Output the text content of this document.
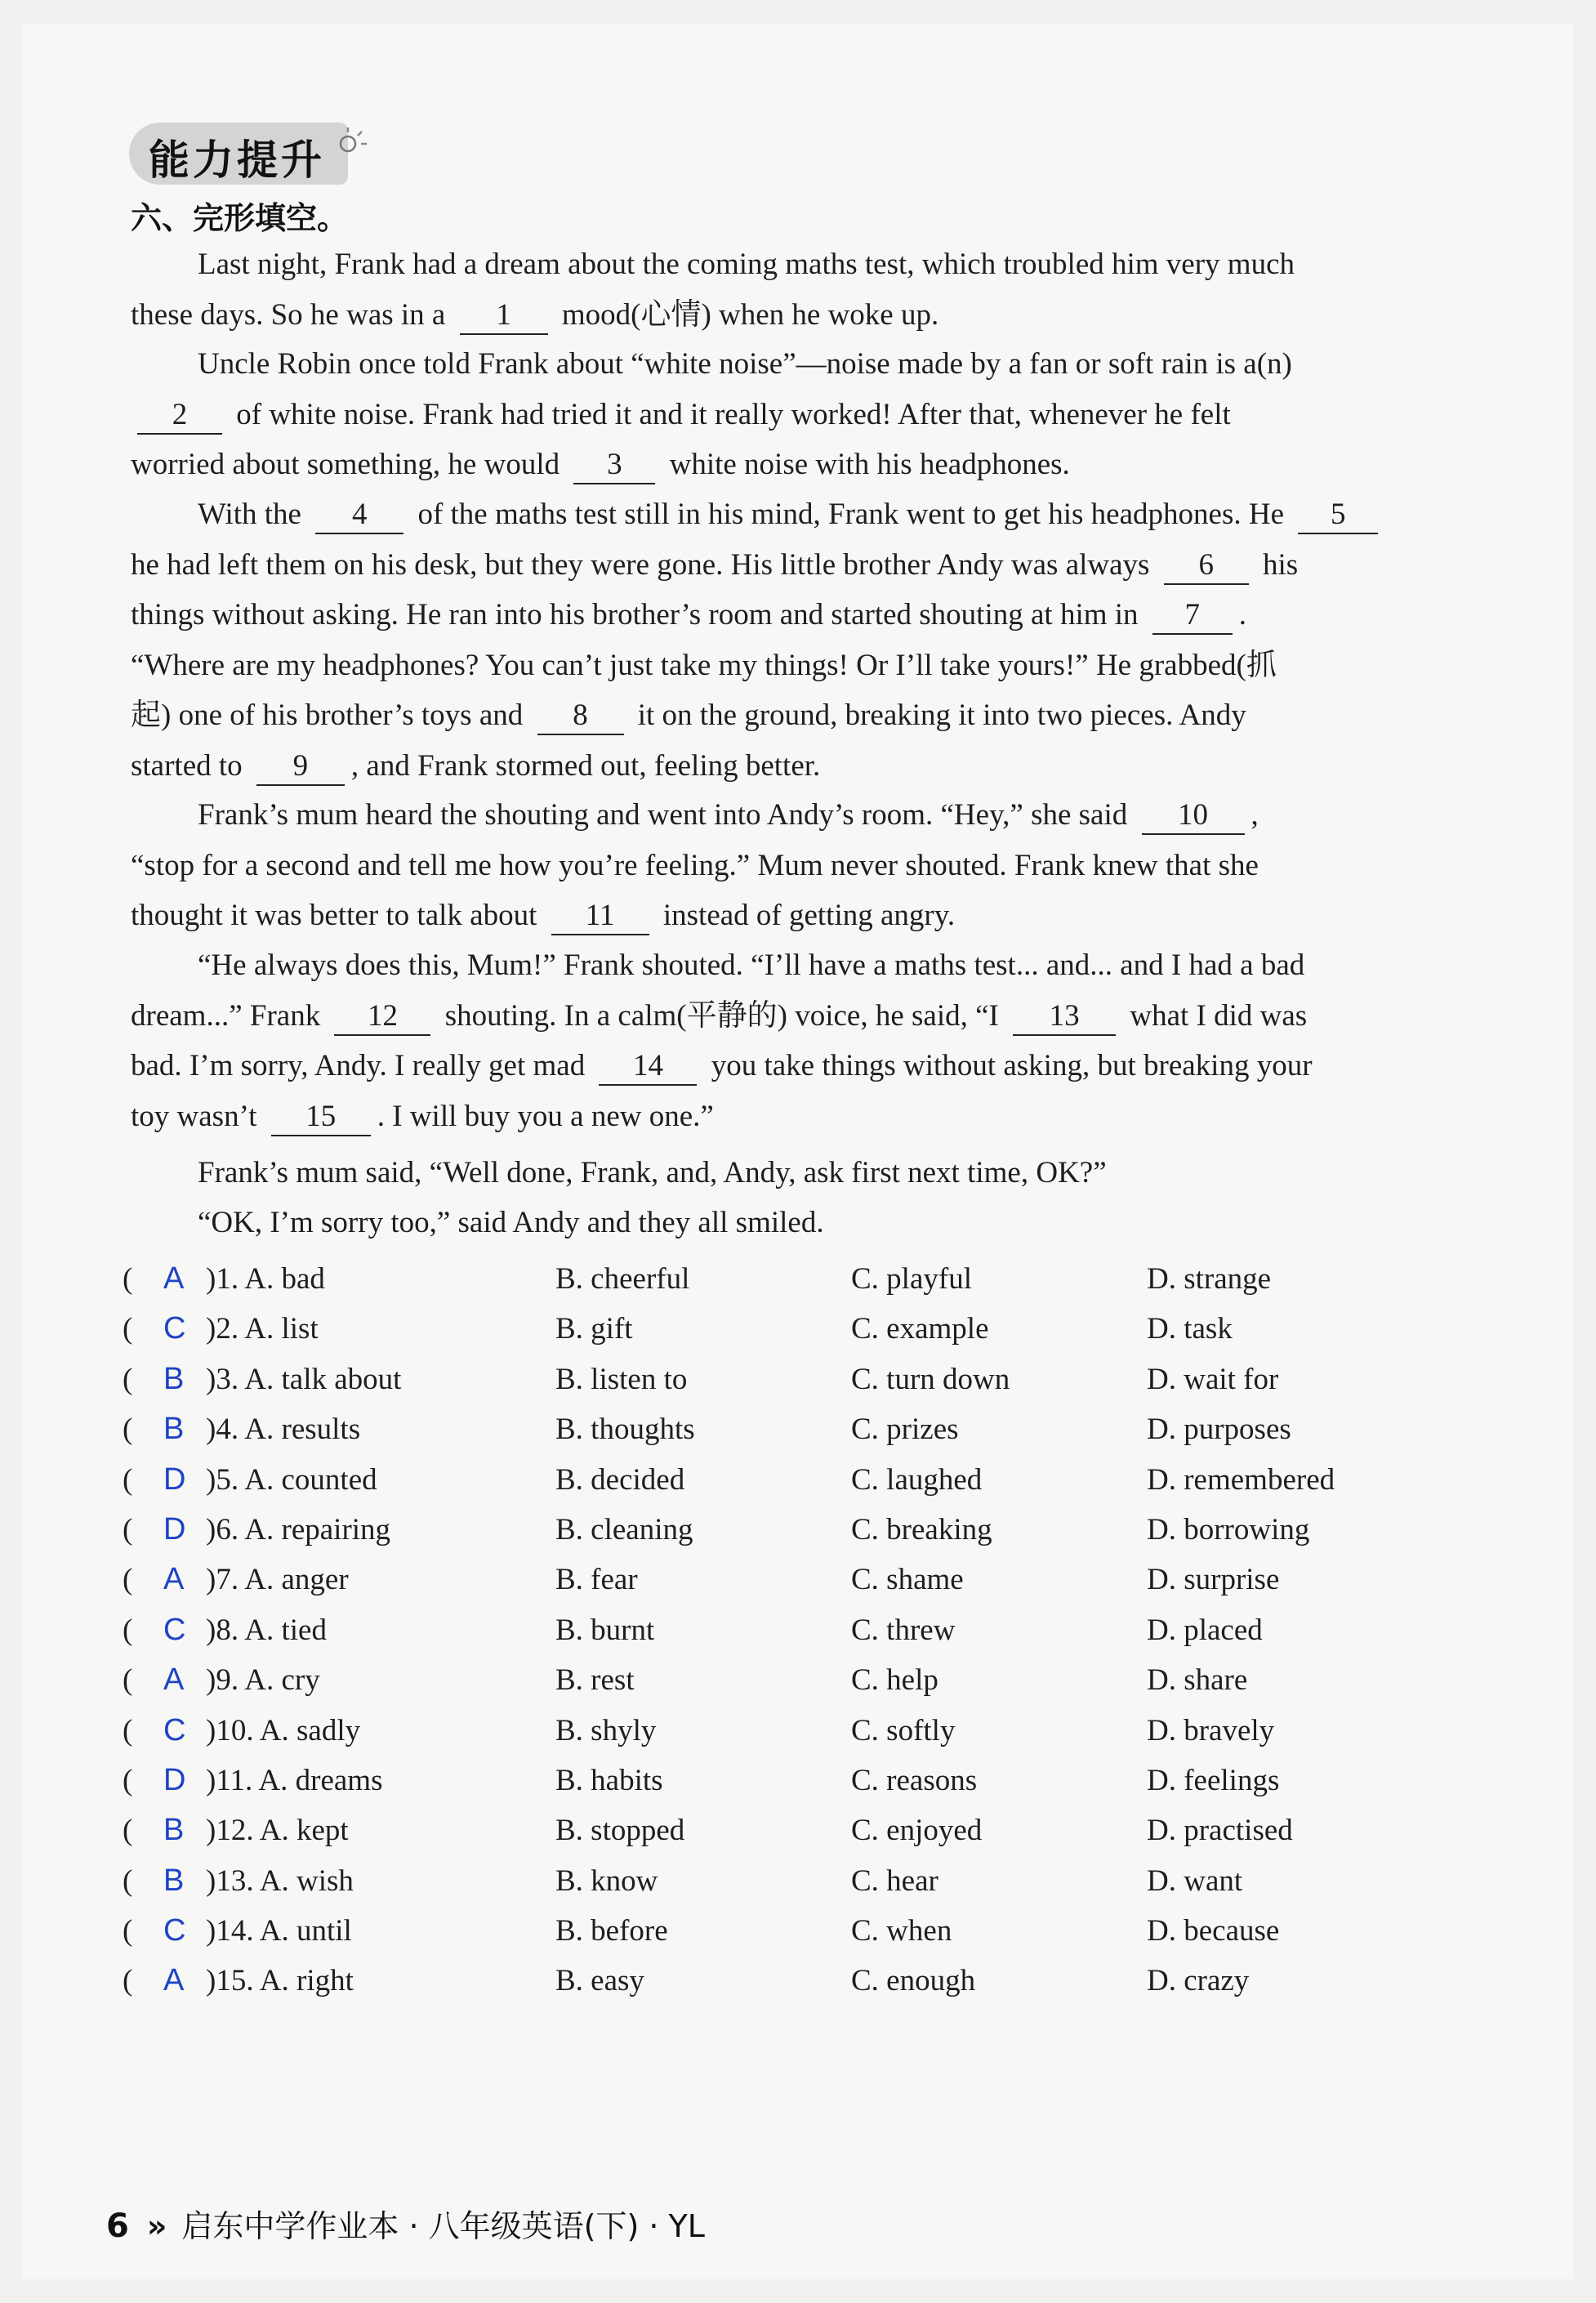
能力提升
六、完形填空。
Last night, Frank had a dream about the coming maths test, which troubled him very much
these days. So he was in a 1 mood(心情) when he woke up.
Uncle Robin once told Frank about “white noise”—noise made by a fan or soft rain is a(n)
2 of white noise. Frank had tried it and it really worked! After that, whenever he felt
worried about something, he would 3 white noise with his headphones.
With the 4 of the maths test still in his mind, Frank went to get his headphones. He 5
he had left them on his desk, but they were gone. His little brother Andy was always 6 his
things without asking. He ran into his brother’s room and started shouting at him in 7 .
“Where are my headphones? You can’t just take my things! Or I’ll take yours!” He grabbed(抓
起) one of his brother’s toys and 8 it on the ground, breaking it into two pieces. Andy
started to 9 , and Frank stormed out, feeling better.
Frank’s mum heard the shouting and went into Andy’s room. “Hey,” she said 10 ,
“stop for a second and tell me how you’re feeling.” Mum never shouted. Frank knew that she
thought it was better to talk about 11 instead of getting angry.
“He always does this, Mum!” Frank shouted. “I’ll have a maths test... and... and I had a bad
dream...” Frank 12 shouting. In a calm(平静的) voice, he said, “I 13 what I did was
bad. I’m sorry, Andy. I really get mad 14 you take things without asking, but breaking your
toy wasn’t 15 . I will buy you a new one.”
Frank’s mum said, “Well done, Frank, and, Andy, ask first next time, OK?”
“OK, I’m sorry too,” said Andy and they all smiled.
( A )1. A. bad	B. cheerful	C. playful	D. strange
( C )2. A. list	B. gift	C. example	D. task
( B )3. A. talk about	B. listen to	C. turn down	D. wait for
( B )4. A. results	B. thoughts	C. prizes	D. purposes
( D )5. A. counted	B. decided	C. laughed	D. remembered
( D )6. A. repairing	B. cleaning	C. breaking	D. borrowing
( A )7. A. anger	B. fear	C. shame	D. surprise
( C )8. A. tied	B. burnt	C. threw	D. placed
( A )9. A. cry	B. rest	C. help	D. share
( C )10. A. sadly	B. shyly	C. softly	D. bravely
( D )11. A. dreams	B. habits	C. reasons	D. feelings
( B )12. A. kept	B. stopped	C. enjoyed	D. practised
( B )13. A. wish	B. know	C. hear	D. want
( C )14. A. until	B. before	C. when	D. because
( A )15. A. right	B. easy	C. enough	D. crazy
6 » 启东中学作业本 · 八年级英语(下) · YL
